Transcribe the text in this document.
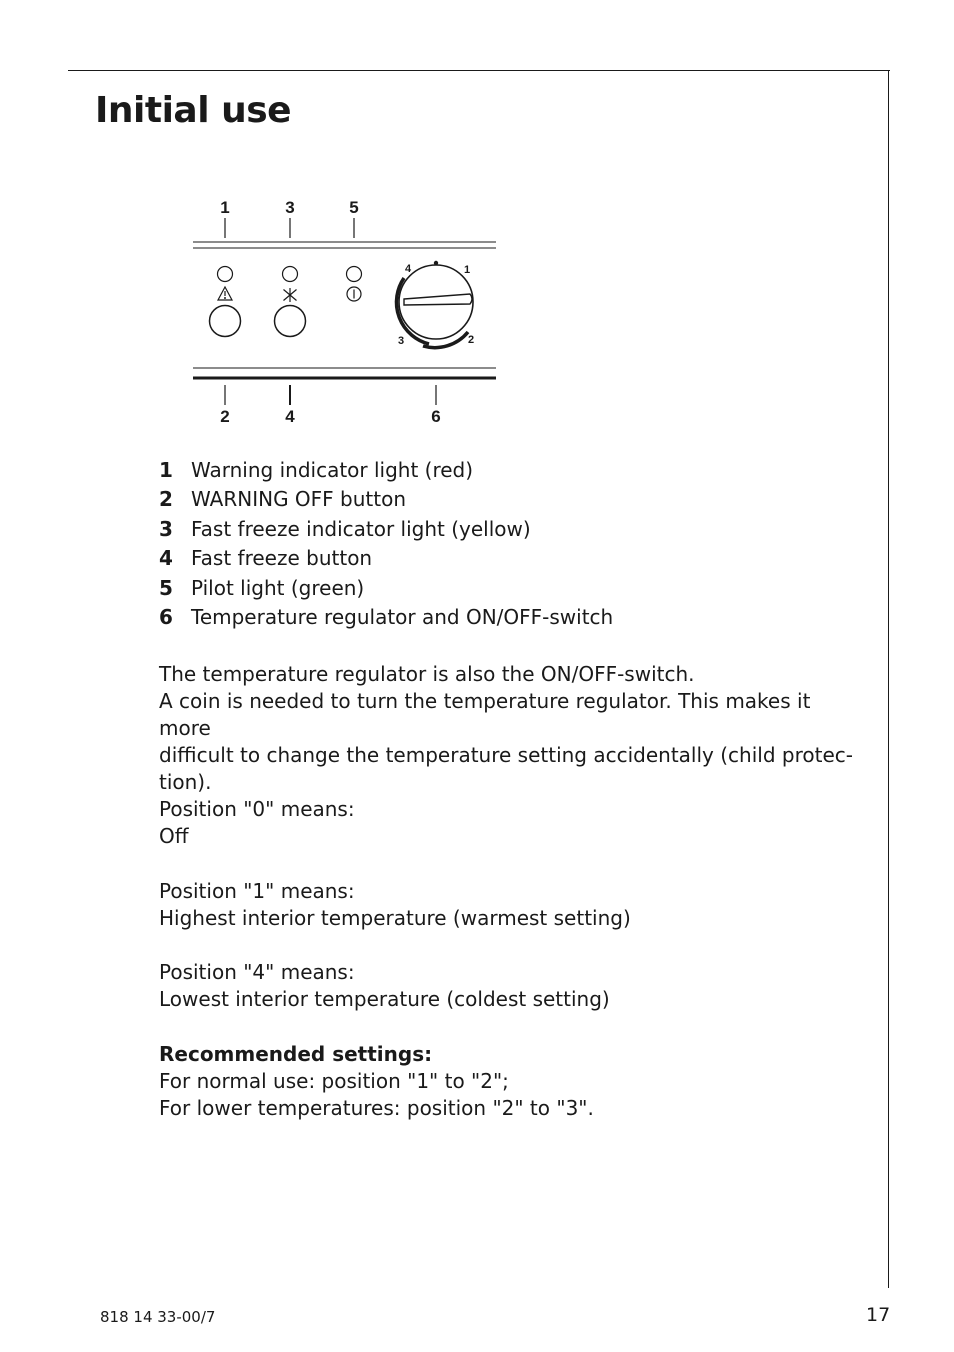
Initial use
1	3	5
2	4	6
4	1
3	2
1 Warning indicator light (red)
2 WARNING OFF button
3 Fast freeze indicator light (yellow)
4 Fast freeze button
5 Pilot light (green)
6 Temperature regulator and ON/OFF-switch
The temperature regulator is also the ON/OFF-switch.
A coin is needed to turn the temperature regulator. This makes it more
difficult to change the temperature setting accidentally (child protec-
tion).
Position "0" means:
Off
Position "1" means:
Highest interior temperature (warmest setting)
Position "4" means:
Lowest interior temperature (coldest setting)
Recommended settings:
For normal use: position "1" to "2";
For lower temperatures: position "2" to "3".
818 14 33-00/7	17
